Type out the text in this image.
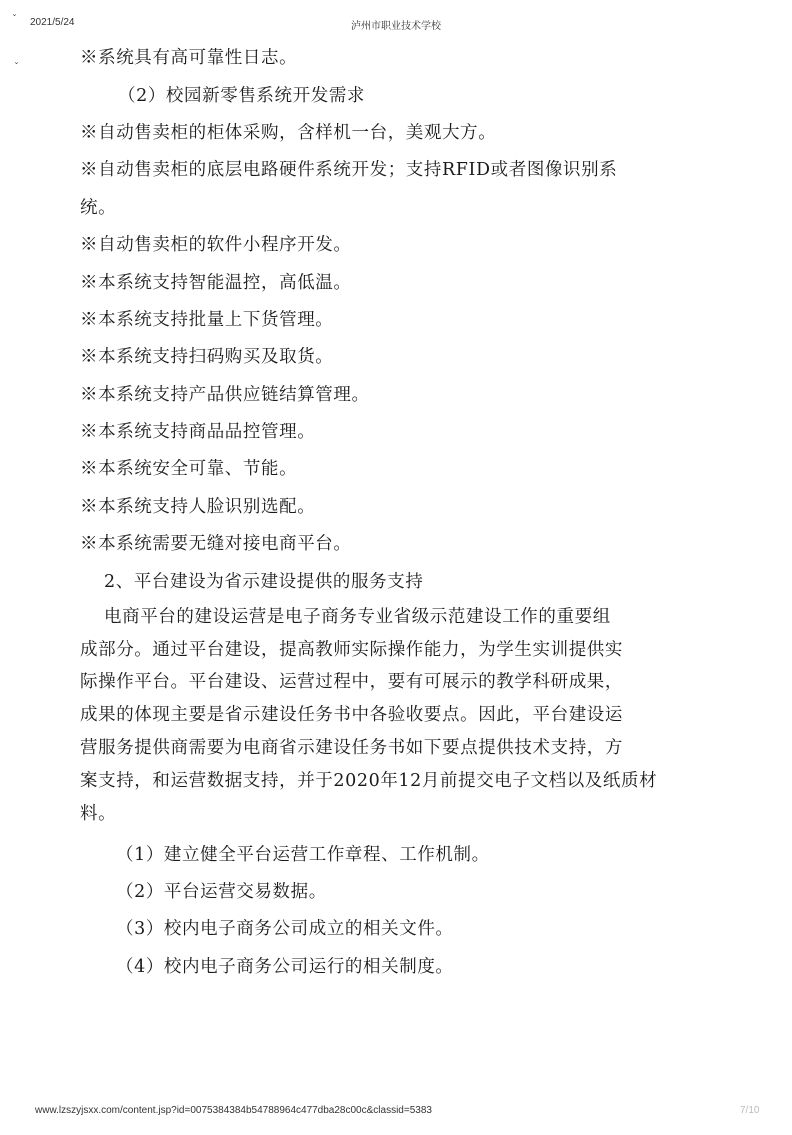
2021/5/24	泸州市职业技术学校
ˇ
ˇ	※系统具有高可靠性日志。
（2）校园新零售系统开发需求
※自动售卖柜的柜体采购，含样机一台，美观大方。
※自动售卖柜的底层电路硬件系统开发；支持RFID或者图像识别系
统。
※自动售卖柜的软件小程序开发。
※本系统支持智能温控，高低温。
※本系统支持批量上下货管理。
※本系统支持扫码购买及取货。
※本系统支持产品供应链结算管理。
※本系统支持商品品控管理。
※本系统安全可靠、节能。
※本系统支持人脸识别选配。
※本系统需要无缝对接电商平台。
2、平台建设为省示建设提供的服务支持
电商平台的建设运营是电子商务专业省级示范建设工作的重要组
成部分。通过平台建设，提高教师实际操作能力，为学生实训提供实
际操作平台。平台建设、运营过程中，要有可展示的教学科研成果，
成果的体现主要是省示建设任务书中各验收要点。因此，平台建设运
营服务提供商需要为电商省示建设任务书如下要点提供技术支持，方
案支持，和运营数据支持，并于2020年12月前提交电子文档以及纸质材
料。
（1）建立健全平台运营工作章程、工作机制。
（2）平台运营交易数据。
（3）校内电子商务公司成立的相关文件。
（4）校内电子商务公司运行的相关制度。
www.lzszyjsxx.com/content.jsp?id=0075384384b54788964c477dba28c00c&classid=5383	7/10
